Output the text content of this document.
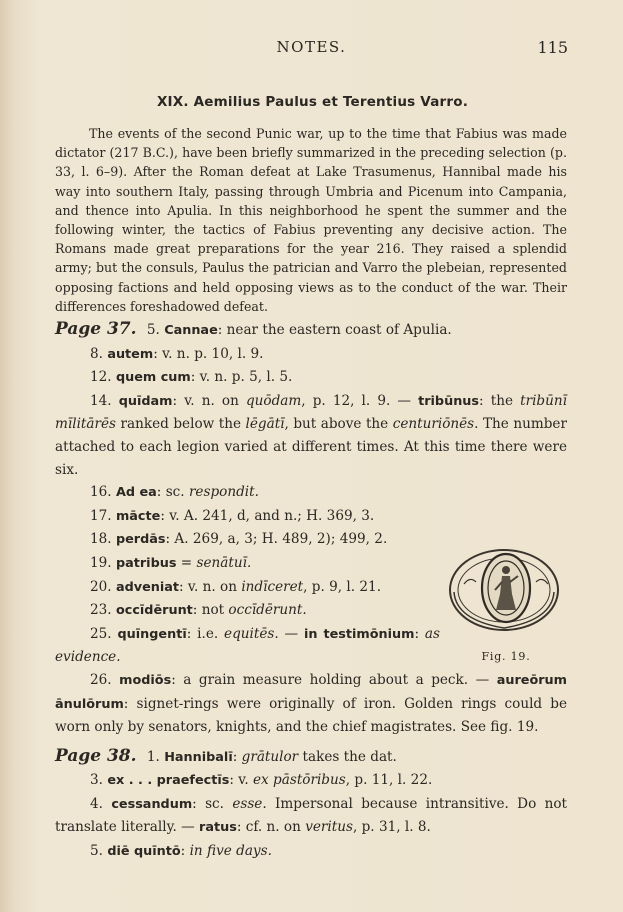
NOTES.	115
XIX. Aemilius Paulus et Terentius Varro.

The events of the second Punic war, up to the time that Fabius was made dictator (217 B.C.), have been briefly summarized in the preceding selection (p. 33, l. 6–9). After the Roman defeat at Lake Trasumenus, Hannibal made his way into southern Italy, passing through Umbria and Picenum into Campania, and thence into Apulia. In this neighborhood he spent the summer and the following winter, the tactics of Fabius preventing any decisive action. The Romans made great preparations for the year 216. They raised a splendid army; but the consuls, Paulus the patrician and Varro the plebeian, represented opposing factions and held opposing views as to the conduct of the war. Their differences foreshadowed defeat.

Page 37. 5. Cannae: near the eastern coast of Apulia.

8. autem: v. n. p. 10, l. 9.

12. quem cum: v. n. p. 5, l. 5.

14. quīdam: v. n. on quōdam, p. 12, l. 9. — tribūnus: the tribūnī mīlitārēs ranked below the lēgātī, but above the centuriōnēs. The number attached to each legion varied at different times. At this time there were six.

16. Ad ea: sc. respondit.

17. mācte: v. A. 241, d, and n.; H. 369, 3.

18. perdās: A. 269, a, 3; H. 489, 2); 499, 2.

19. patribus = senātuī.

20. adveniat: v. n. on indīceret, p. 9, l. 21.

23. occīdērunt: not occīdērunt.

25. quīngentī: i.e. equitēs. — in testimōnium: as evidence.

26. modiōs: a grain measure holding about a peck. — aureōrum ānulōrum: signet-rings were originally of iron. Golden rings could be worn only by senators, knights, and the chief magistrates. See fig. 19.

Page 38. 1. Hannibalī: grātulor takes the dat.

3. ex . . . praefectīs: v. ex pāstōribus, p. 11, l. 22.

4. cessandum: sc. esse. Impersonal because intransitive. Do not translate literally. — ratus: cf. n. on veritus, p. 31, l. 8.

5. diē quīntō: in five days.

Fig. 19.
